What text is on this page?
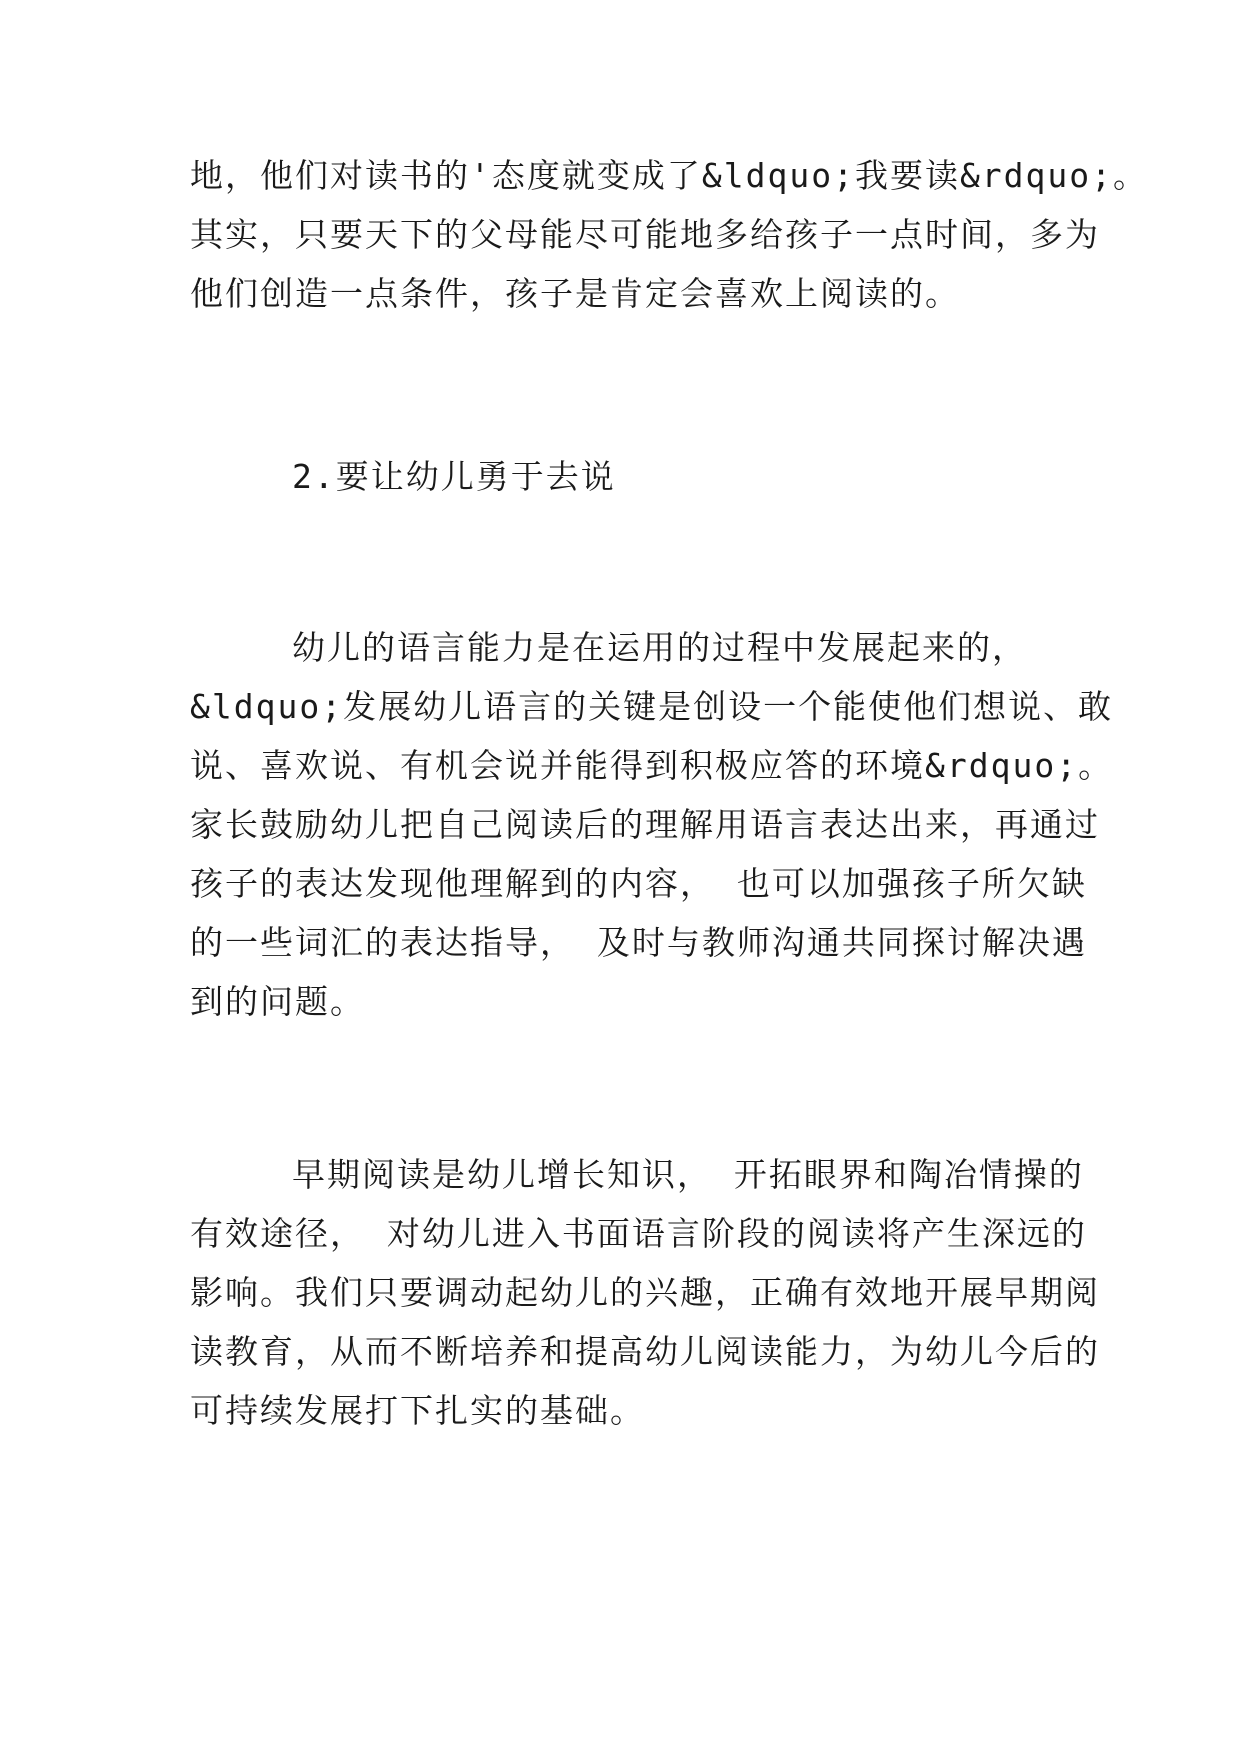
地，他们对读书的'态度就变成了&ldquo;我要读&rdquo;。
其实，只要天下的父母能尽可能地多给孩子一点时间，多为
他们创造一点条件，孩子是肯定会喜欢上阅读的。
2.要让幼儿勇于去说
幼儿的语言能力是在运用的过程中发展起来的，
&ldquo;发展幼儿语言的关键是创设一个能使他们想说、敢
说、喜欢说、有机会说并能得到积极应答的环境&rdquo;。
家长鼓励幼儿把自己阅读后的理解用语言表达出来，再通过
孩子的表达发现他理解到的内容， 也可以加强孩子所欠缺
的一些词汇的表达指导， 及时与教师沟通共同探讨解决遇
到的问题。
早期阅读是幼儿增长知识， 开拓眼界和陶冶情操的
有效途径， 对幼儿进入书面语言阶段的阅读将产生深远的
影响。我们只要调动起幼儿的兴趣，正确有效地开展早期阅
读教育，从而不断培养和提高幼儿阅读能力，为幼儿今后的
可持续发展打下扎实的基础。
